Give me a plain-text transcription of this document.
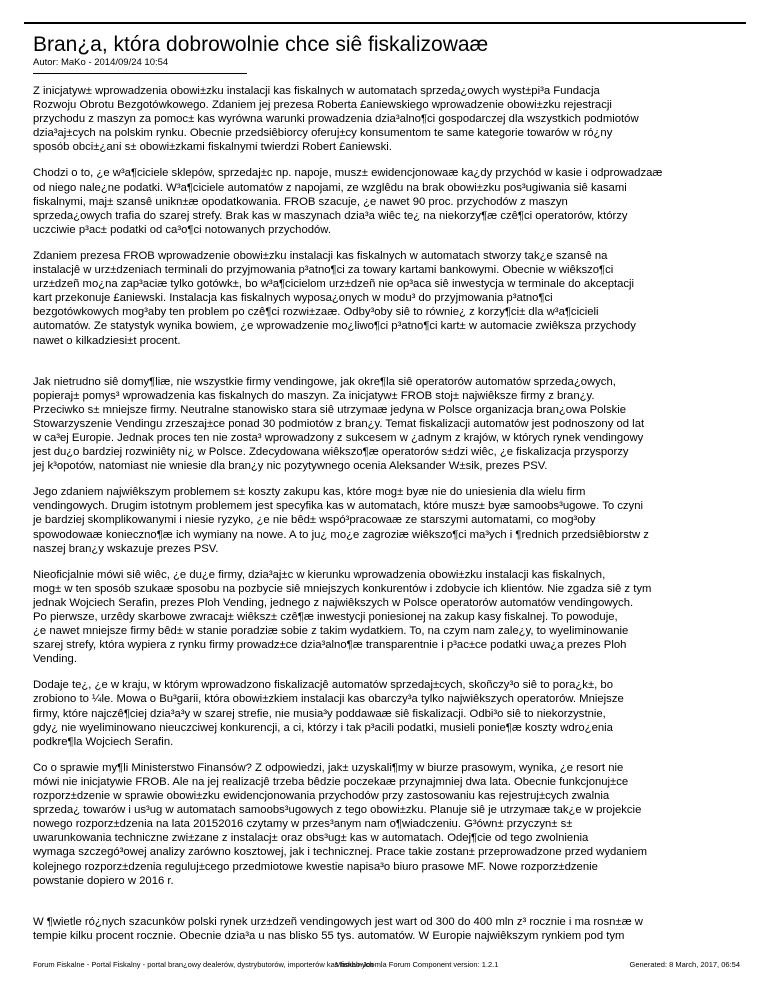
Bran¿a, która dobrowolnie chce siê fiskalizowaæ
Autor: MaKo - 2014/09/24 10:54
Z inicjatyw± wprowadzenia obowi±zku instalacji kas fiskalnych w automatach sprzeda¿owych wyst±pi³a Fundacja
Rozwoju Obrotu Bezgotówkowego. Zdaniem jej prezesa Roberta £aniewskiego wprowadzenie obowi±zku rejestracji
przychodu z maszyn za pomoc± kas wyrówna warunki prowadzenia dzia³alno¶ci gospodarczej dla wszystkich podmiotów
dzia³aj±cych na polskim rynku. Obecnie przedsiêbiorcy oferuj±cy konsumentom te same kategorie towarów w ró¿ny
sposób obci±¿ani s± obowi±zkami fiskalnymi twierdzi Robert £aniewski.
Chodzi o to, ¿e w³a¶ciciele sklepów, sprzedaj±c np. napoje, musz± ewidencjonowaæ ka¿dy przychód w kasie i odprowadzaæ
od niego nale¿ne podatki. W³a¶ciciele automatów z napojami, ze wzglêdu na brak obowi±zku pos³ugiwania siê kasami
fiskalnymi, maj± szansê unikn±æ opodatkowania. FROB szacuje, ¿e nawet 90 proc. przychodów z maszyn
sprzeda¿owych trafia do szarej strefy. Brak kas w maszynach dzia³a wiêc te¿ na niekorzy¶æ czê¶ci operatorów, którzy
uczciwie p³ac± podatki od ca³o¶ci notowanych przychodów.
Zdaniem prezesa FROB wprowadzenie obowi±zku instalacji kas fiskalnych w automatach stworzy tak¿e szansê na
instalacjê w urz±dzeniach terminali do przyjmowania p³atno¶ci za towary kartami bankowymi. Obecnie w wiêkszo¶ci
urz±dzeñ mo¿na zap³aciæ tylko gotówk±, bo w³a¶cicielom urz±dzeñ nie op³aca siê inwestycja w terminale do akceptacji
kart przekonuje £aniewski. Instalacja kas fiskalnych wyposa¿onych w modu³ do przyjmowania p³atno¶ci
bezgotówkowych mog³aby ten problem po czê¶ci rozwi±zaæ. Odby³oby siê to równie¿ z korzy¶ci± dla w³a¶cicieli
automatów. Ze statystyk wynika bowiem, ¿e wprowadzenie mo¿liwo¶ci p³atno¶ci kart± w automacie zwiêksza przychody
nawet o kilkadziesi±t procent.
Jak nietrudno siê domy¶liæ, nie wszystkie firmy vendingowe, jak okre¶la siê operatorów automatów sprzeda¿owych,
popieraj± pomys³ wprowadzenia kas fiskalnych do maszyn. Za inicjatyw± FROB stoj± najwiêksze firmy z bran¿y.
Przeciwko s± mniejsze firmy. Neutralne stanowisko stara siê utrzymaæ jedyna w Polsce organizacja bran¿owa Polskie
Stowarzyszenie Vendingu zrzeszaj±ce ponad 30 podmiotów z bran¿y. Temat fiskalizacji automatów jest podnoszony od lat
w ca³ej Europie. Jednak proces ten nie zosta³ wprowadzony z sukcesem w ¿adnym z krajów, w których rynek vendingowy
jest du¿o bardziej rozwiniêty ni¿ w Polsce. Zdecydowana wiêkszo¶æ operatorów s±dzi wiêc, ¿e fiskalizacja przysporzy
jej k³opotów, natomiast nie wniesie dla bran¿y nic pozytywnego ocenia Aleksander W±sik, prezes PSV.
Jego zdaniem najwiêkszym problemem s± koszty zakupu kas, które mog± byæ nie do uniesienia dla wielu firm
vendingowych. Drugim istotnym problemem jest specyfika kas w automatach, które musz± byæ samoobs³ugowe. To czyni
je bardziej skomplikowanymi i niesie ryzyko, ¿e nie bêd± wspó³pracowaæ ze starszymi automatami, co mog³oby
spowodowaæ konieczno¶æ ich wymiany na nowe. A to ju¿ mo¿e zagroziæ wiêkszo¶ci ma³ych i ¶rednich przedsiêbiorstw z
naszej bran¿y wskazuje prezes PSV.
Nieoficjalnie mówi siê wiêc, ¿e du¿e firmy, dzia³aj±c w kierunku wprowadzenia obowi±zku instalacji kas fiskalnych,
mog± w ten sposób szukaæ sposobu na pozbycie siê mniejszych konkurentów i zdobycie ich klientów. Nie zgadza siê z tym
jednak Wojciech Serafin, prezes Ploh Vending, jednego z najwiêkszych w Polsce operatorów automatów vendingowych.
Po pierwsze, urzêdy skarbowe zwracaj± wiêksz± czê¶æ inwestycji poniesionej na zakup kasy fiskalnej. To powoduje,
¿e nawet mniejsze firmy bêd± w stanie poradziæ sobie z takim wydatkiem. To, na czym nam zale¿y, to wyeliminowanie
szarej strefy, która wypiera z rynku firmy prowadz±ce dzia³alno¶æ transparentnie i p³ac±ce podatki uwa¿a prezes Ploh
Vending.
Dodaje te¿, ¿e w kraju, w którym wprowadzono fiskalizacjê automatów sprzedaj±cych, skoñczy³o siê to pora¿k±, bo
zrobiono to ¼le. Mowa o Bu³garii, która obowi±zkiem instalacji kas obarczy³a tylko najwiêkszych operatorów. Mniejsze
firmy, które najczê¶ciej dzia³a³y w szarej strefie, nie musia³y poddawaæ siê fiskalizacji. Odbi³o siê to niekorzystnie,
gdy¿ nie wyeliminowano nieuczciwej konkurencji, a ci, którzy i tak p³acili podatki, musieli ponie¶æ koszty wdro¿enia
podkre¶la Wojciech Serafin.
Co o sprawie my¶li Ministerstwo Finansów? Z odpowiedzi, jak± uzyskali¶my w biurze prasowym, wynika, ¿e resort nie
mówi nie inicjatywie FROB. Ale na jej realizacjê trzeba bêdzie poczekaæ przynajmniej dwa lata. Obecnie funkcjonuj±ce
rozporz±dzenie w sprawie obowi±zku ewidencjonowania przychodów przy zastosowaniu kas rejestruj±cych zwalnia
sprzeda¿ towarów i us³ug w automatach samoobs³ugowych z tego obowi±zku. Planuje siê je utrzymaæ tak¿e w projekcie
nowego rozporz±dzenia na lata 20152016 czytamy w przes³anym nam o¶wiadczeniu. G³ówn± przyczyn± s±
uwarunkowania techniczne zwi±zane z instalacj± oraz obs³ug± kas w automatach. Odej¶cie od tego zwolnienia
wymaga szczegó³owej analizy zarówno kosztowej, jak i technicznej. Prace takie zostan± przeprowadzone przed wydaniem
kolejnego rozporz±dzenia reguluj±cego przedmiotowe kwestie napisa³o biuro prasowe MF. Nowe rozporz±dzenie
powstanie dopiero w 2016 r.
W ¶wietle ró¿nych szacunków polski rynek urz±dzeñ vendingowych jest wart od 300 do 400 mln z³ rocznie i ma rosn±æ w
tempie kilku procent rocznie. Obecnie dzia³a u nas blisko 55 tys. automatów. W Europie najwiêkszym rynkiem pod tym
Forum Fiskalne - Portal Fiskalny - portal bran¿owy dealerów, dystrybutorów, importerów kas fiskalnych
Mambo-Joomla Forum Component version: 1.2.1	Generated: 8 March, 2017, 06:54
